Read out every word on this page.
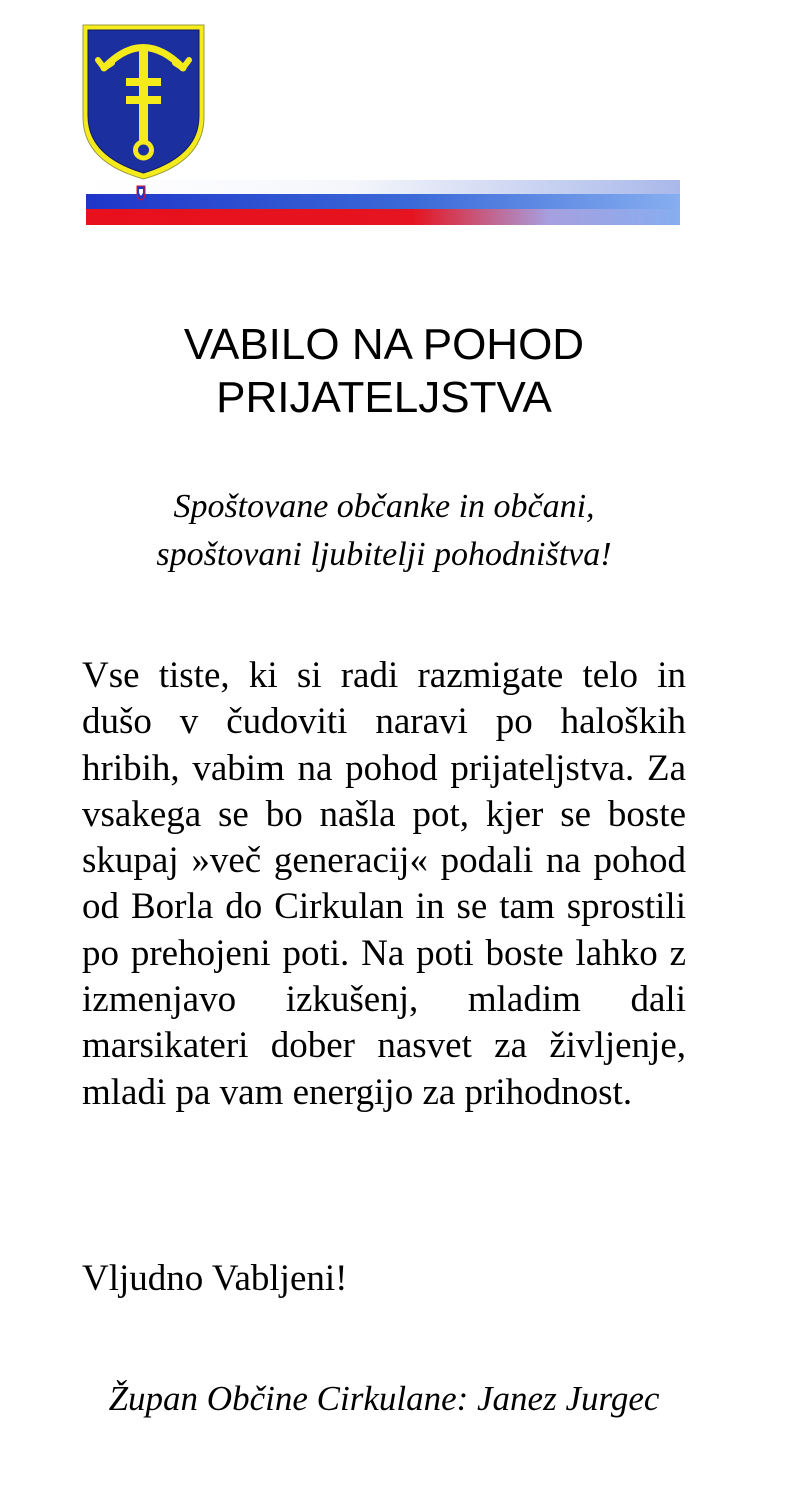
VABILO NA POHOD
PRIJATELJSTVA
Spoštovane občanke in občani,
spoštovani ljubitelji pohodništva!

Vse tiste, ki si radi razmigate telo in dušo v čudoviti naravi po haloških hribih, vabim na pohod prijateljstva. Za vsakega se bo našla pot, kjer se boste skupaj »več generacij« podali na pohod od Borla do Cirkulan in se tam sprostili po prehojeni poti. Na poti boste lahko z izmenjavo izkušenj, mladim dali marsikateri dober nasvet za življenje, mladi pa vam energijo za prihodnost.

Vljudno Vabljeni!

Župan Občine Cirkulane: Janez Jurgec
